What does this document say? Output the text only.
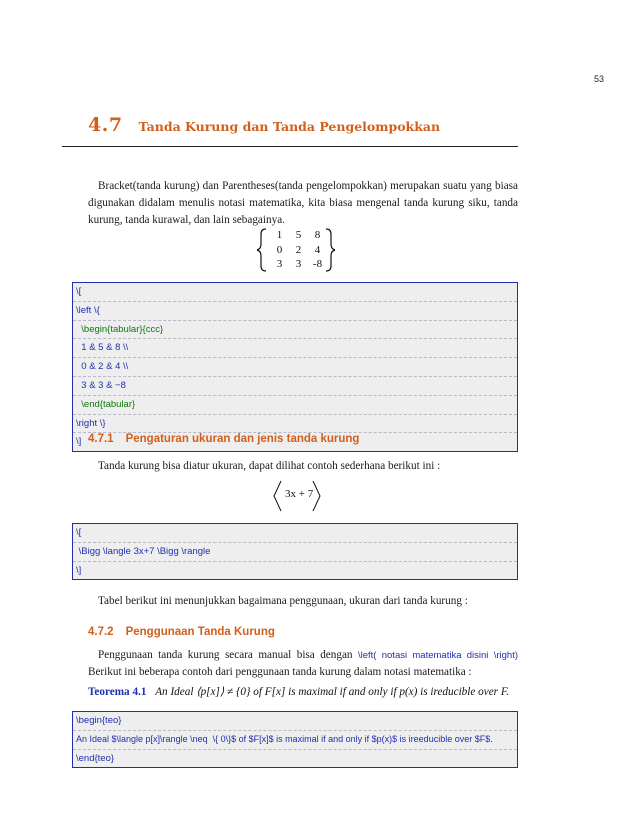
53
4.7 Tanda Kurung dan Tanda Pengelompokkan
Bracket(tanda kurung) dan Parentheses(tanda pengelompokkan) merupakan suatu yang biasa digunakan didalam menulis notasi matematika, kita biasa mengenal tanda kurung siku, tanda kurung, tanda kurawal, dan lain sebagainya.
1	5	8
0	2	4
3	3	-8
\[
\left \{
\begin{tabular}{ccc}
1 & 5 & 8 \\
0 & 2 & 4 \\
3 & 3 & −8
\end{tabular}
\right \}
\] 4.7.1 Pengaturan ukuran dan jenis tanda kurung
Tanda kurung bisa diatur ukuran, dapat dilihat contoh sederhana berikut ini :
3x + 7
\[
\Bigg \langle 3x+7 \Bigg \rangle
\]
Tabel berikut ini menunjukkan bagaimana penggunaan, ukuran dari tanda kurung :
4.7.2 Penggunaan Tanda Kurung
Penggunaan tanda kurung secara manual bisa dengan \left( notasi matematika disini \right) Berikut ini beberapa contoh dari penggunaan tanda kurung dalam notasi matematika :
Teorema 4.1 An Ideal ⟨p[x]⟩ ≠ {0} of F[x] is maximal if and only if p(x) is ireducible over F.
\begin{teo}
An Ideal $\langle p[x]\rangle \neq  \{ 0\}$ of $F[x]$ is maximal if and only if $p(x)$ is ireeducible over $F$.
\end{teo}
